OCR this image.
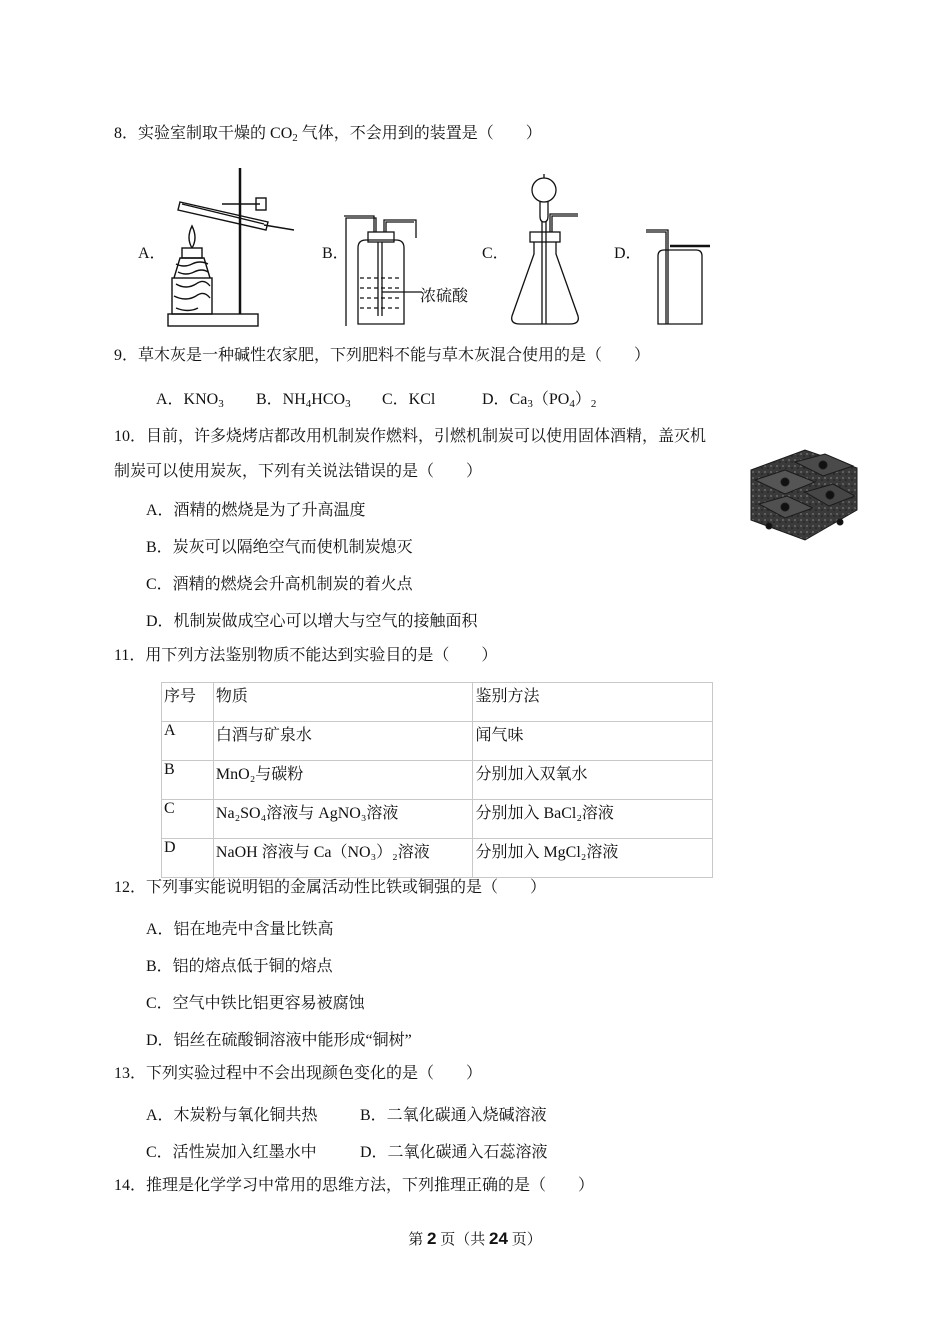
8．实验室制取干燥的 $CO_2$ 气体，不会用到的装置是（　　）
A．	B．	C．	D．
浓硫酸
9．草木灰是一种碱性农家肥，下列肥料不能与草木灰混合使用的是（　　）
A．$KNO_3$ B．$NH_4HCO_3$ C．KCl	D．$Ca_3(PO_4)_2$
10．目前，许多烧烤店都改用机制炭作燃料，引燃机制炭可以使用固体酒精，盖灭机
制炭可以使用炭灰，下列有关说法错误的是（　　）
A．酒精的燃烧是为了升高温度
B．炭灰可以隔绝空气而使机制炭熄灭
C．酒精的燃烧会升高机制炭的着火点
D．机制炭做成空心可以增大与空气的接触面积
11．用下列方法鉴别物质不能达到实验目的是（　　）
序号	物质	鉴别方法
A	白酒与矿泉水	闻气味
B	MnO₂与碳粉	分别加入双氧水
C	Na₂SO₄溶液与 AgNO₃溶液	分别加入 BaCl₂溶液
D	NaOH 溶液与 Ca（NO₃）₂溶液	分别加入 MgCl₂溶液
12．下列事实能说明铝的金属活动性比铁或铜强的是（　　）
A．铝在地壳中含量比铁高
B．铝的熔点低于铜的熔点
C．空气中铁比铝更容易被腐蚀
D．铝丝在硫酸铜溶液中能形成“铜树”
13．下列实验过程中不会出现颜色变化的是（　　）
A．木炭粉与氧化铜共热	B．二氧化碳通入烧碱溶液
C．活性炭加入红墨水中	D．二氧化碳通入石蕊溶液
14．推理是化学学习中常用的思维方法，下列推理正确的是（　　）
第 2 页（共 24 页）
